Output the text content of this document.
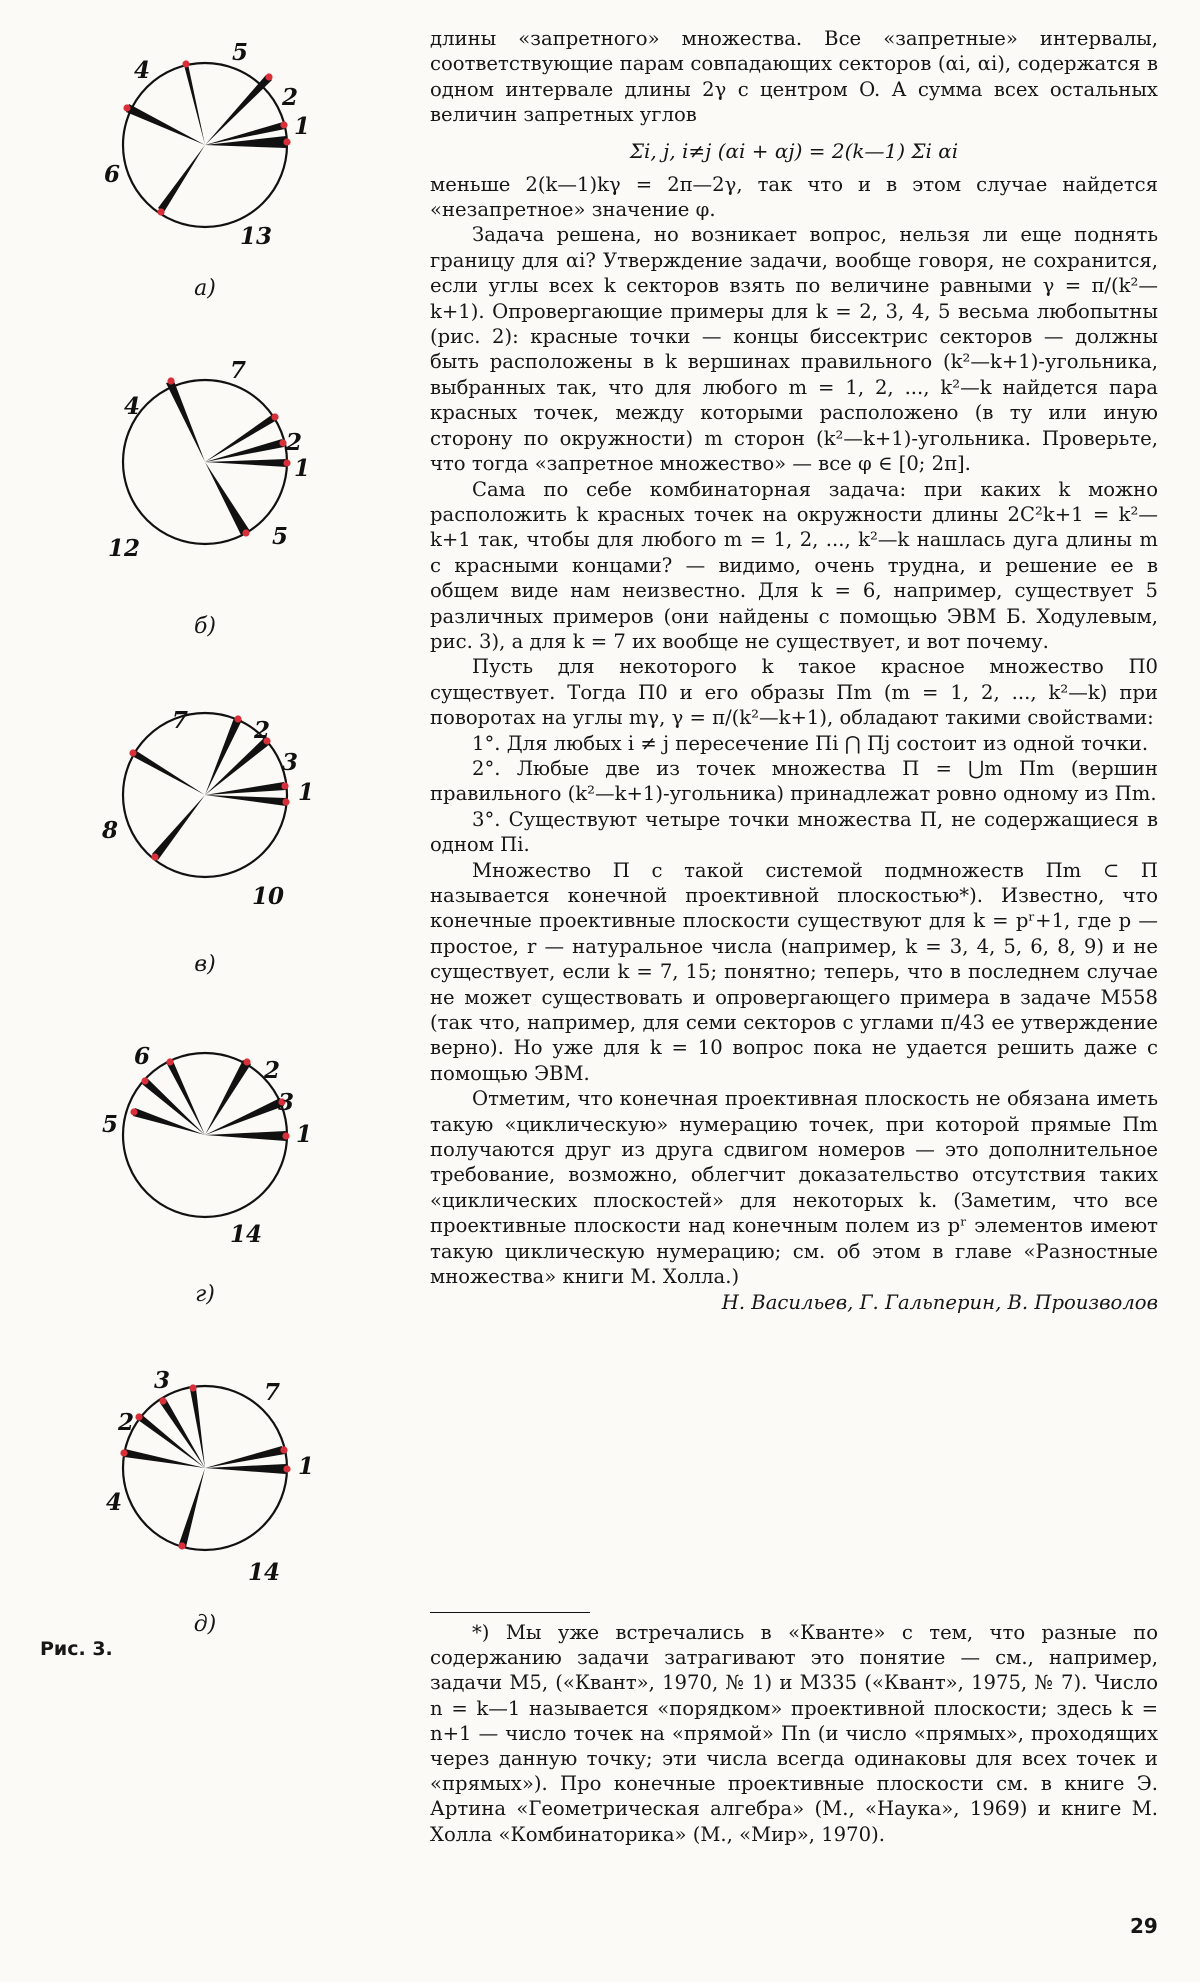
5
2
1
4
6
13
а)
7
4
2
1
5
12
б)
7	2
3
1
8
10
в)
6
2
3
5	1
14
г)
3	7
2
1
4
14
д)
Рис. 3.

длины «запретного» множества. Все «запретные» интервалы, соответствующие парам совпадающих секторов (αi, αi), содержатся в одном интервале длины 2γ с центром O. А сумма всех остальных величин запретных углов

Σi, j, i≠j (αi + αj) = 2(k—1) Σi αi

меньше 2(k—1)kγ = 2π—2γ, так что и в этом случае найдется «незапретное» значение φ.

Задача решена, но возникает вопрос, нельзя ли еще поднять границу для αi? Утверждение задачи, вообще говоря, не сохранится, если углы всех k секторов взять по величине равными γ = π/(k²—k+1). Опровергающие примеры для k = 2, 3, 4, 5 весьма любопытны (рис. 2): красные точки — концы биссектрис секторов — должны быть расположены в k вершинах правильного (k²—k+1)-угольника, выбранных так, что для любого m = 1, 2, ..., k²—k найдется пара красных точек, между которыми расположено (в ту или иную сторону по окружности) m сторон (k²—k+1)-угольника. Проверьте, что тогда «запретное множество» — все φ ∈ [0; 2π].

Сама по себе комбинаторная задача: при каких k можно расположить k красных точек на окружности длины 2C²k+1 = k²—k+1 так, чтобы для любого m = 1, 2, ..., k²—k нашлась дуга длины m с красными концами? — видимо, очень трудна, и решение ее в общем виде нам неизвестно. Для k = 6, например, существует 5 различных примеров (они найдены с помощью ЭВМ Б. Ходулевым, рис. 3), а для k = 7 их вообще не существует, и вот почему.

Пусть для некоторого k такое красное множество Π0 существует. Тогда Π0 и его образы Πm (m = 1, 2, ..., k²—k) при поворотах на углы mγ, γ = π/(k²—k+1), обладают такими свойствами:

1°. Для любых i ≠ j пересечение Πi ⋂ Πj состоит из одной точки.

2°. Любые две из точек множества Π = ⋃m Πm (вершин правильного (k²—k+1)-угольника) принадлежат ровно одному из Πm.

3°. Существуют четыре точки множества Π, не содержащиеся в одном Πi.

Множество Π с такой системой подмножеств Πm ⊂ Π называется конечной проективной плоскостью*). Известно, что конечные проективные плоскости существуют для k = pʳ+1, где p — простое, r — натуральное числа (например, k = 3, 4, 5, 6, 8, 9) и не существует, если k = 7, 15; понятно; теперь, что в последнем случае не может существовать и опровергающего примера в задаче М558 (так что, например, для семи секторов с углами π/43 ее утверждение верно). Но уже для k = 10 вопрос пока не удается решить даже с помощью ЭВМ.

Отметим, что конечная проективная плоскость не обязана иметь такую «циклическую» нумерацию точек, при которой прямые Πm получаются друг из друга сдвигом номеров — это дополнительное требование, возможно, облегчит доказательство отсутствия таких «циклических плоскостей» для некоторых k. (Заметим, что все проективные плоскости над конечным полем из pʳ элементов имеют такую циклическую нумерацию; см. об этом в главе «Разностные множества» книги М. Холла.)

Н. Васильев, Г. Гальперин, В. Произволов

*) Мы уже встречались в «Кванте» с тем, что разные по содержанию задачи затрагивают это понятие — см., например, задачи М5, («Квант», 1970, № 1) и М335 («Квант», 1975, № 7). Число n = k—1 называется «порядком» проективной плоскости; здесь k = n+1 — число точек на «прямой» Πn (и число «прямых», проходящих через данную точку; эти числа всегда одинаковы для всех точек и «прямых»). Про конечные проективные плоскости см. в книге Э. Артина «Геометрическая алгебра» (М., «Наука», 1969) и книге М. Холла «Комбинаторика» (М., «Мир», 1970).

29
